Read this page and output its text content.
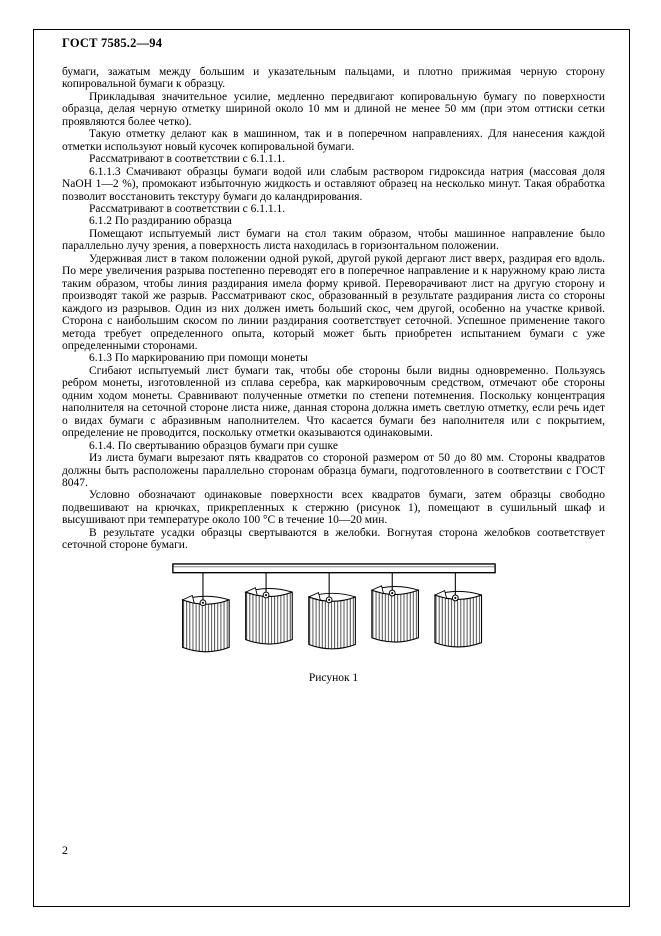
ГОСТ 7585.2—94

бумаги, зажатым между большим и указательным пальцами, и плотно прижимая черную сторону копировальной бумаги к образцу.

Прикладывая значительное усилие, медленно передвигают копировальную бумагу по поверхности образца, делая черную отметку шириной около 10 мм и длиной не менее 50 мм (при этом оттиски сетки проявляются более четко).

Такую отметку делают как в машинном, так и в поперечном направлениях. Для нанесения каждой отметки используют новый кусочек копировальной бумаги.

Рассматривают в соответствии с 6.1.1.1.

6.1.1.3 Смачивают образцы бумаги водой или слабым раствором гидроксида натрия (массовая доля NaOH 1—2 %), промокают избыточную жидкость и оставляют образец на несколько минут. Такая обработка позволит восстановить текстуру бумаги до каландрирования.

Рассматривают в соответствии с 6.1.1.1.

6.1.2 По раздиранию образца

Помещают испытуемый лист бумаги на стол таким образом, чтобы машинное направление было параллельно лучу зрения, а поверхность листа находилась в горизонтальном положении.

Удерживая лист в таком положении одной рукой, другой рукой дергают лист вверх, раздирая его вдоль. По мере увеличения разрыва постепенно переводят его в поперечное направление и к наружному краю листа таким образом, чтобы линия раздирания имела форму кривой. Переворачивают лист на другую сторону и производят такой же разрыв. Рассматривают скос, образованный в результате раздирания листа со стороны каждого из разрывов. Один из них должен иметь больший скос, чем другой, особенно на участке кривой. Сторона с наибольшим скосом по линии раздирания соответствует сеточной. Успешное применение такого метода требует определенного опыта, который может быть приобретен испытанием бумаги с уже определенными сторонами.

6.1.3 По маркированию при помощи монеты

Сгибают испытуемый лист бумаги так, чтобы обе стороны были видны одновременно. Пользуясь ребром монеты, изготовленной из сплава серебра, как маркировочным средством, отмечают обе стороны одним ходом монеты. Сравнивают полученные отметки по степени потемнения. Поскольку концентрация наполнителя на сеточной стороне листа ниже, данная сторона должна иметь светлую отметку, если речь идет о видах бумаги с абразивным наполнителем. Что касается бумаги без наполнителя или с покрытием, определение не проводится, поскольку отметки оказываются одинаковыми.

6.1.4. По свертыванию образцов бумаги при сушке

Из листа бумаги вырезают пять квадратов со стороной размером от 50 до 80 мм. Стороны квадратов должны быть расположены параллельно сторонам образца бумаги, подготовленного в соответствии с ГОСТ 8047.

Условно обозначают одинаковые поверхности всех квадратов бумаги, затем образцы свободно подвешивают на крючках, прикрепленных к стержню (рисунок 1), помещают в сушильный шкаф и высушивают при температуре около 100 °С в течение 10—20 мин.

В результате усадки образцы свертываются в желобки. Вогнутая сторона желобков соответствует сеточной стороне бумаги.

Рисунок 1
2
